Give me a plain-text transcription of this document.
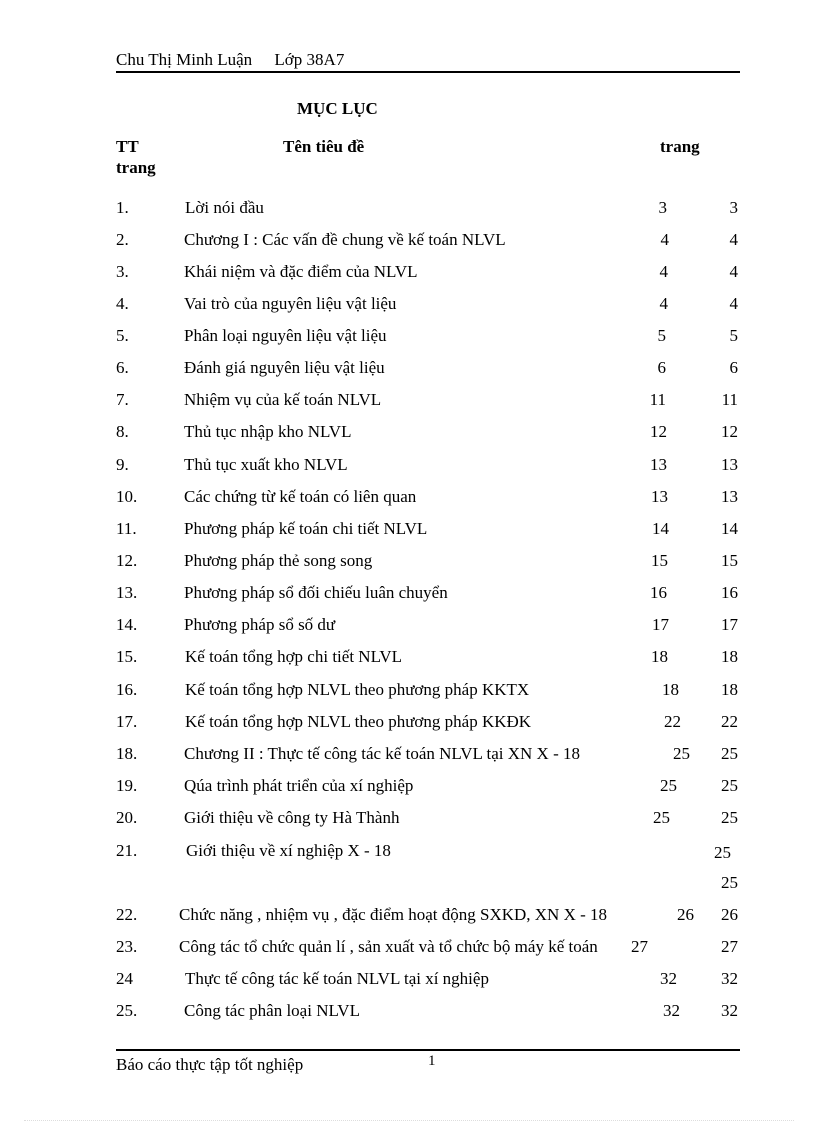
Chu Thị Minh Luận Lớp 38A7
MỤC LỤC
TT
trang
Tên tiêu đề	trang
1.	Lời nói đầu	3	3
2.	Chương I : Các vấn đề chung về kế toán NLVL	4	4
3.	Khái niệm và đặc điểm của NLVL	4	4
4.	Vai trò của nguyên liệu vật liệu	4	4
5.	Phân loại nguyên liệu vật liệu	5	5
6.	Đánh giá nguyên liệu vật liệu	6	6
7.	Nhiệm vụ của kế toán NLVL	11	11
8.	Thủ tục nhập kho NLVL	12	12
9.	Thủ tục xuất kho NLVL	13	13
10.	Các chứng từ kế toán có liên quan	13	13
11.	Phương pháp kế toán chi tiết NLVL	14	14
12.	Phương pháp thẻ song song	15	15
13.	Phương pháp sổ đối chiếu luân chuyển	16	16
14.	Phương pháp sổ số dư	17	17
15.	Kế toán tổng hợp chi tiết NLVL	18	18
16.	Kế toán tổng hợp NLVL theo phương pháp KKTX	18 18
17.	Kế toán tổng hợp NLVL theo phương pháp KKĐK	22 22
18.	Chương II : Thực tế công tác kế toán NLVL tại XN X - 18	25 25
19.	Qúa trình phát triển của xí nghiệp	25	25
20.	Giới thiệu về công ty Hà Thành	25	25
21.	Giới thiệu về xí nghiệp X - 18	25
25
22. Chức năng , nhiệm vụ , đặc điểm hoạt động SXKD, XN X - 18	26 26
23. Công tác tổ chức quản lí , sản xuất và tổ chức bộ máy kế toán 27	27
24	Thực tế công tác kế toán NLVL tại xí nghiệp	32	32
25.	Công tác phân loại NLVL	32 32
Báo cáo thực tập tốt nghiệp	1
